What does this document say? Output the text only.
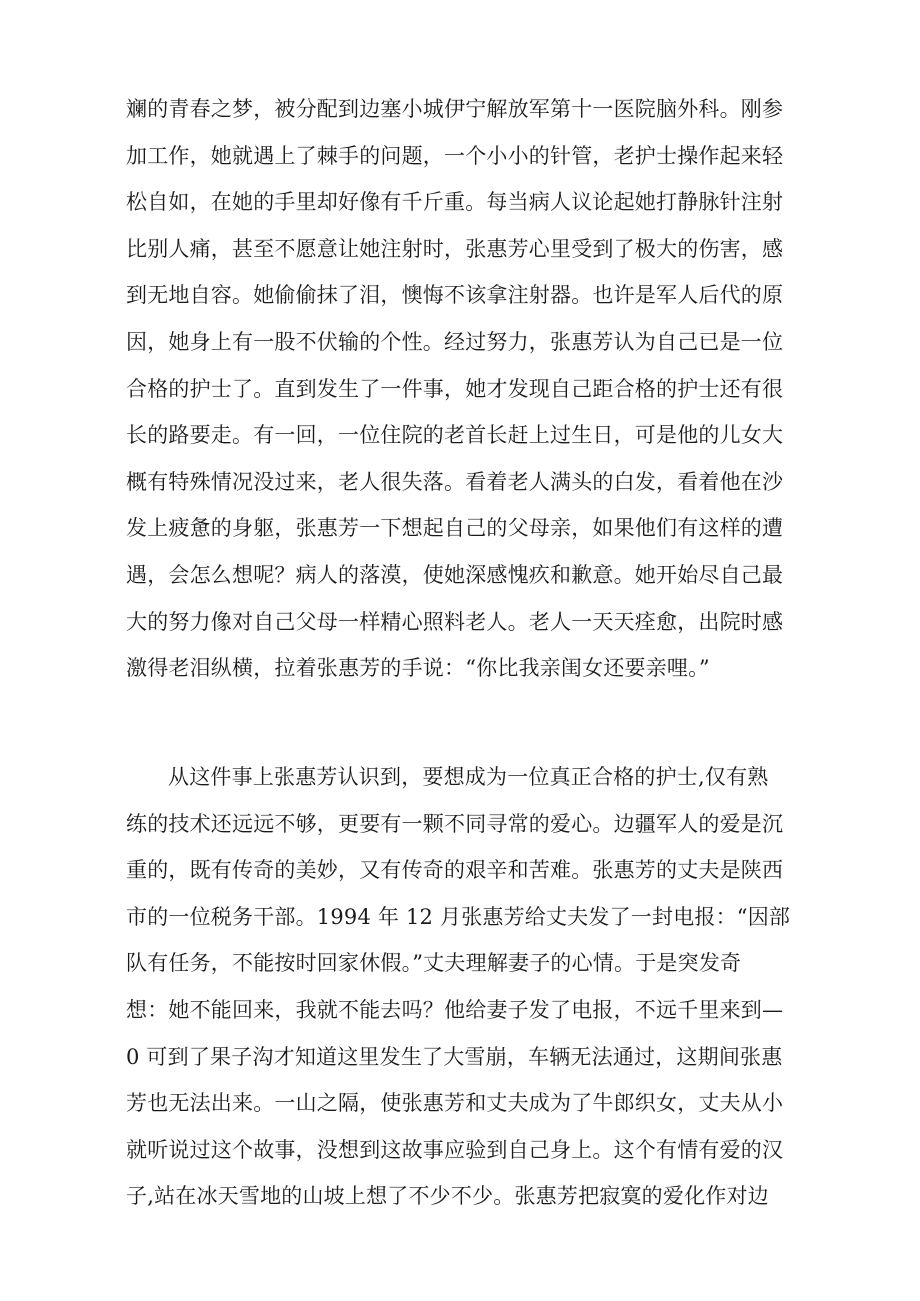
斓的青春之梦，被分配到边塞小城伊宁解放军第十一医院脑外科。刚参
加工作，她就遇上了棘手的问题，一个小小的针管，老护士操作起来轻
松自如，在她的手里却好像有千斤重。每当病人议论起她打静脉针注射
比别人痛，甚至不愿意让她注射时，张惠芳心里受到了极大的伤害，感
到无地自容。她偷偷抹了泪，懊悔不该拿注射器。也许是军人后代的原
因，她身上有一股不伏输的个性。经过努力，张惠芳认为自己已是一位
合格的护士了。直到发生了一件事，她才发现自己距合格的护士还有很
长的路要走。有一回，一位住院的老首长赶上过生日，可是他的儿女大
概有特殊情况没过来，老人很失落。看着老人满头的白发，看着他在沙
发上疲惫的身躯，张惠芳一下想起自己的父母亲，如果他们有这样的遭
遇，会怎么想呢？病人的落漠，使她深感愧疚和歉意。她开始尽自己最
大的努力像对自己父母一样精心照料老人。老人一天天痊愈，出院时感
激得老泪纵横，拉着张惠芳的手说：“你比我亲闺女还要亲哩。”
从这件事上张惠芳认识到，要想成为一位真正合格的护士,仅有熟
练的技术还远远不够，更要有一颗不同寻常的爱心。边疆军人的爱是沉
重的，既有传奇的美妙，又有传奇的艰辛和苦难。张惠芳的丈夫是陕西
市的一位税务干部。1994 年 12 月张惠芳给丈夫发了一封电报：“因部
队有任务，不能按时回家休假。”丈夫理解妻子的心情。于是突发奇
想：她不能回来，我就不能去吗？他给妻子发了电报，不远千里来到—
0 可到了果子沟才知道这里发生了大雪崩，车辆无法通过，这期间张惠
芳也无法出来。一山之隔，使张惠芳和丈夫成为了牛郎织女，丈夫从小
就听说过这个故事，没想到这故事应验到自己身上。这个有情有爱的汉
子,站在冰天雪地的山坡上想了不少不少。张惠芳把寂寞的爱化作对边
